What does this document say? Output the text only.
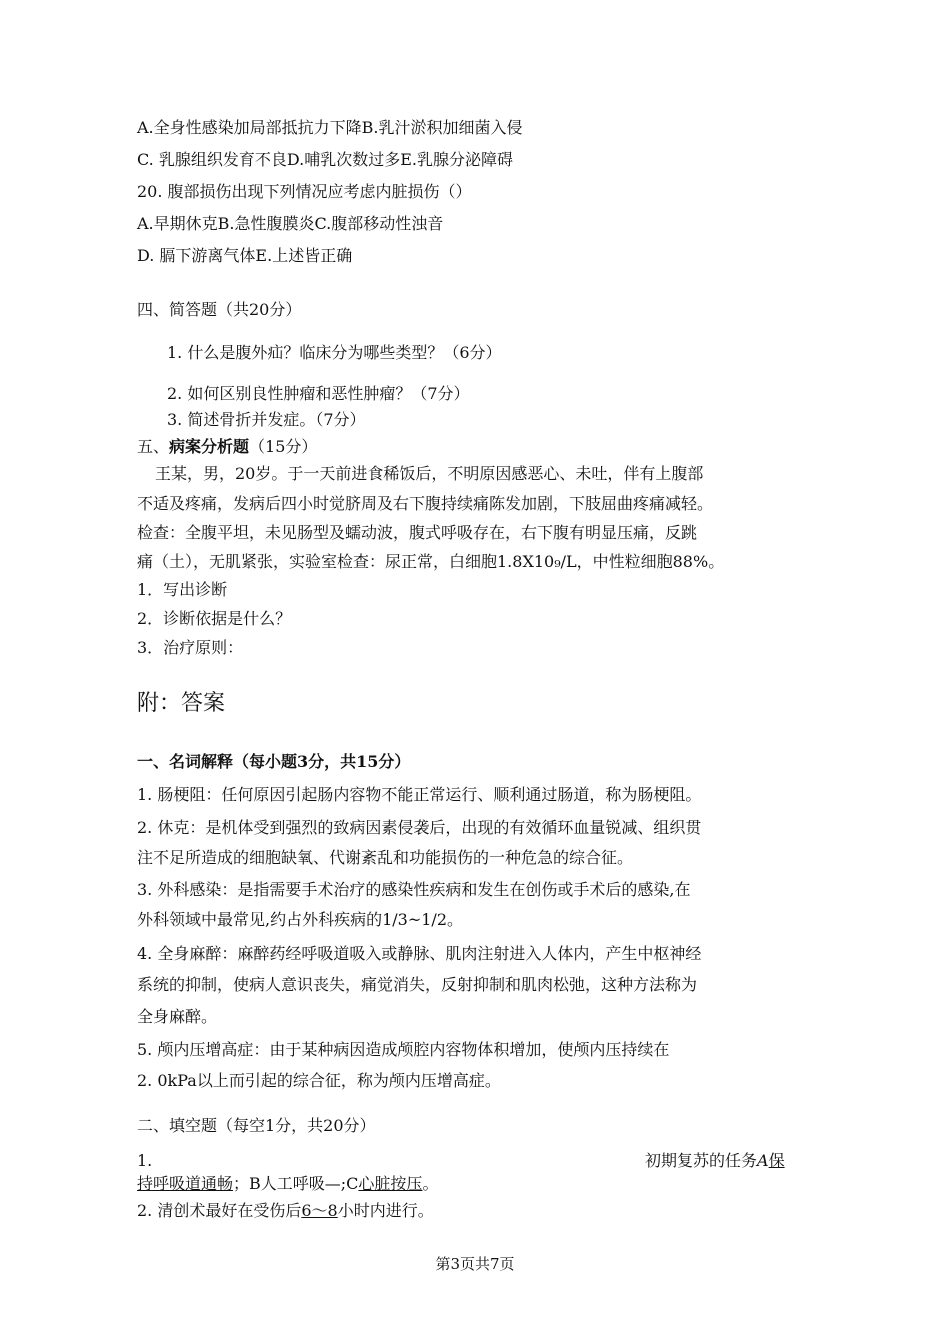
A.全身性感染加局部抵抗力下降B.乳汁淤积加细菌入侵
C. 乳腺组织发育不良D.哺乳次数过多E.乳腺分泌障碍
20. 腹部损伤出现下列情况应考虑内脏损伤（）
A.早期休克B.急性腹膜炎C.腹部移动性浊音
D. 膈下游离气体E.上述皆正确
四、简答题（共20分）
1. 什么是腹外疝？临床分为哪些类型？（6分）
2. 如何区别良性肿瘤和恶性肿瘤？（7分）
3. 简述骨折并发症。（7分）
五、病案分析题（15分）
王某，男，20岁。于一天前进食稀饭后，不明原因感恶心、未吐，伴有上腹部
不适及疼痛，发病后四小时觉脐周及右下腹持续痛陈发加剧，下肢屈曲疼痛减轻。
检查：全腹平坦，未见肠型及蠕动波，腹式呼吸存在，右下腹有明显压痛，反跳
痛（土），无肌紧张，实验室检查：尿正常，白细胞1.8X10₉/L，中性粒细胞88%。
1．写出诊断
2．诊断依据是什么？
3．治疗原则：
附：答案
一、名词解释（每小题3分，共15分）
1. 肠梗阻：任何原因引起肠内容物不能正常运行、顺利通过肠道，称为肠梗阻。
2. 休克：是机体受到强烈的致病因素侵袭后，出现的有效循环血量锐减、组织贯
注不足所造成的细胞缺氧、代谢紊乱和功能损伤的一种危急的综合征。
3. 外科感染：是指需要手术治疗的感染性疾病和发生在创伤或手术后的感染,在
外科领域中最常见,约占外科疾病的1/3~1/2。
4. 全身麻醉：麻醉药经呼吸道吸入或静脉、肌肉注射进入人体内，产生中枢神经
系统的抑制，使病人意识丧失，痛觉消失，反射抑制和肌肉松弛，这种方法称为
全身麻醉。
5. 颅内压增高症：由于某种病因造成颅腔内容物体积增加，使颅内压持续在
2. 0kPa以上而引起的综合征，称为颅内压增高症。
二、填空题（每空1分，共20分）
1.	初期复苏的任务A保
持呼吸道通畅；B人工呼吸—;C心脏按压。
2. 清创术最好在受伤后6〜8小时内进行。
第3页共7页
